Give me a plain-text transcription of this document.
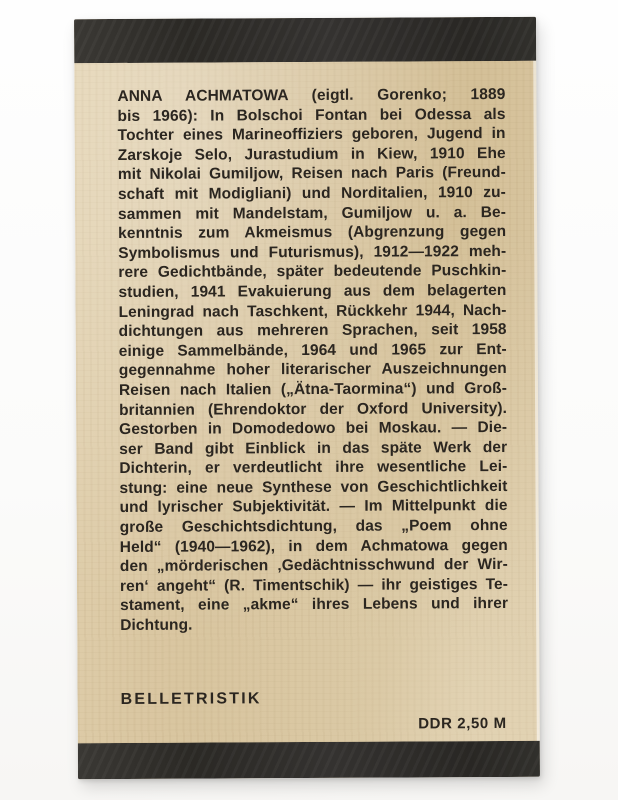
ANNA ACHMATOWA (eigtl. Gorenko; 1889
bis 1966): In Bolschoi Fontan bei Odessa als
Tochter eines Marineoffiziers geboren, Jugend in
Zarskoje Selo, Jurastudium in Kiew, 1910 Ehe
mit Nikolai Gumiljow, Reisen nach Paris (Freund-
schaft mit Modigliani) und Norditalien, 1910 zu-
sammen mit Mandelstam, Gumiljow u. a. Be-
kenntnis zum Akmeismus (Abgrenzung gegen
Symbolismus und Futurismus), 1912—1922 meh-
rere Gedichtbände, später bedeutende Puschkin-
studien, 1941 Evakuierung aus dem belagerten
Leningrad nach Taschkent, Rückkehr 1944, Nach-
dichtungen aus mehreren Sprachen, seit 1958
einige Sammelbände, 1964 und 1965 zur Ent-
gegennahme hoher literarischer Auszeichnungen
Reisen nach Italien („Ätna-Taormina“) und Groß-
britannien (Ehrendoktor der Oxford University).
Gestorben in Domodedowo bei Moskau. — Die-
ser Band gibt Einblick in das späte Werk der
Dichterin, er verdeutlicht ihre wesentliche Lei-
stung: eine neue Synthese von Geschichtlichkeit
und lyrischer Subjektivität. — Im Mittelpunkt die
große Geschichtsdichtung, das „Poem ohne
Held“ (1940—1962), in dem Achmatowa gegen
den „mörderischen ‚Gedächtnisschwund der Wir-
ren‘ angeht“ (R. Timentschik) — ihr geistiges Te-
stament, eine „akme“ ihres Lebens und ihrer
Dichtung.
BELLETRISTIK
DDR 2,50 M
